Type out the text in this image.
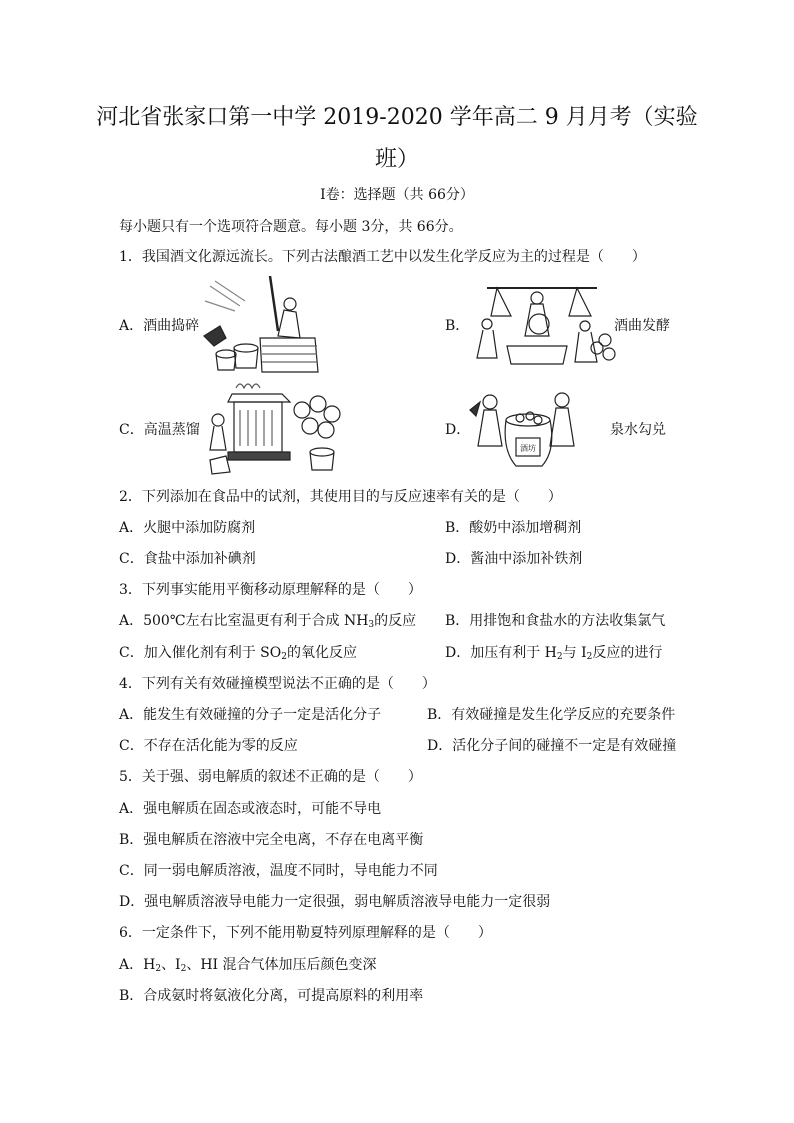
河北省张家口第一中学 2019-2020 学年高二 9 月月考（实验
班）
Ⅰ卷：选择题（共 66分）
每小题只有一个选项符合题意。每小题 3分，共 66分。
1．我国酒文化源远流长。下列古法酿酒工艺中以发生化学反应为主的过程是（　　）
A．酒曲捣碎	B．	酒曲发酵
C．高温蒸馏	D．
酒坊
泉水勾兑
2．下列添加在食品中的试剂，其使用目的与反应速率有关的是（　　）
A．火腿中添加防腐剂	B．酸奶中添加增稠剂
C．食盐中添加补碘剂	D．酱油中添加补铁剂
3．下列事实能用平衡移动原理解释的是（　　）
A．500℃左右比室温更有利于合成 $NH_3$的反应 B．用排饱和食盐水的方法收集氯气
C．加入催化剂有利于 $SO_2$的氧化反应	D．加压有利于 $H_2$与 $I_2$反应的进行
4．下列有关有效碰撞模型说法不正确的是（　　）
A．能发生有效碰撞的分子一定是活化分子	B．有效碰撞是发生化学反应的充要条件
C．不存在活化能为零的反应	D．活化分子间的碰撞不一定是有效碰撞
5．关于强、弱电解质的叙述不正确的是（　　）
A．强电解质在固态或液态时，可能不导电
B．强电解质在溶液中完全电离，不存在电离平衡
C．同一弱电解质溶液，温度不同时，导电能力不同
D．强电解质溶液导电能力一定很强，弱电解质溶液导电能力一定很弱
6．一定条件下，下列不能用勒夏特列原理解释的是（　　）
A．$H_2$、$I_2$、HI 混合气体加压后颜色变深
B．合成氨时将氨液化分离，可提高原料的利用率
